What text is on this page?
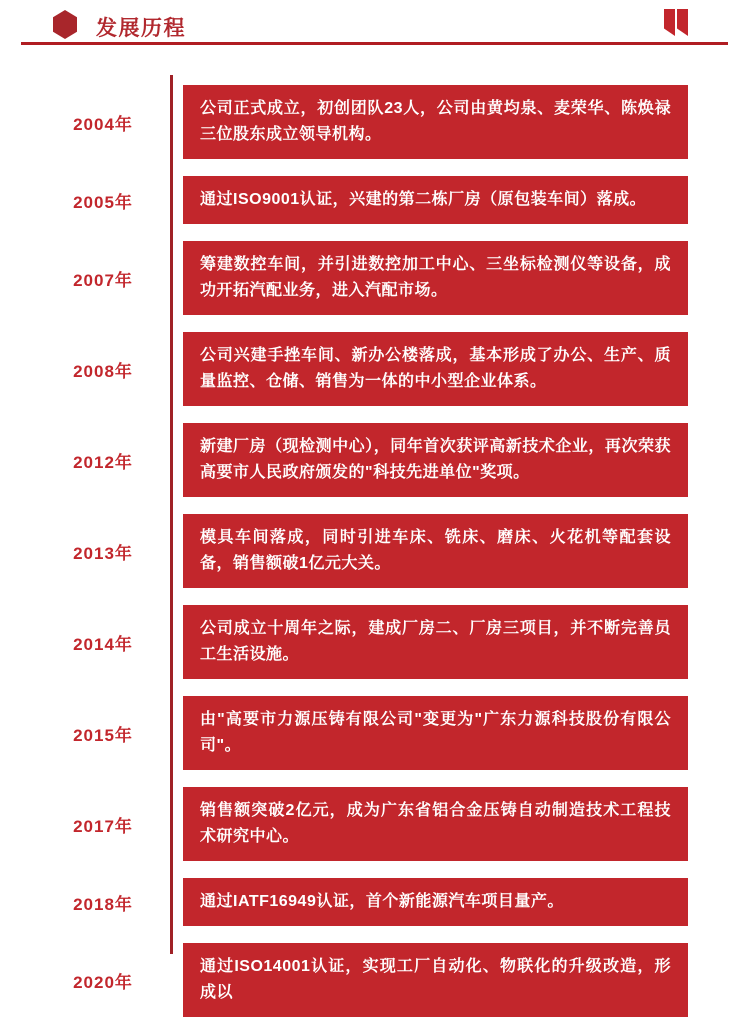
发展历程
2004年
公司正式成立，初创团队23人，公司由黄均泉、麦荣华、陈焕禄三位股东成立领导机构。
2005年	通过ISO9001认证，兴建的第二栋厂房（原包装车间）落成。
2007年
筹建数控车间，并引进数控加工中心、三坐标检测仪等设备，成功开拓汽配业务，进入汽配市场。
2008年
公司兴建手挫车间、新办公楼落成，基本形成了办公、生产、质量监控、仓储、销售为一体的中小型企业体系。
2012年
新建厂房（现检测中心），同年首次获评高新技术企业，再次荣获高要市人民政府颁发的"科技先进单位"奖项。
2013年
模具车间落成，同时引进车床、铣床、磨床、火花机等配套设备，销售额破1亿元大关。
2014年
公司成立十周年之际，建成厂房二、厂房三项目，并不断完善员工生活设施。
2015年
由"高要市力源压铸有限公司"变更为"广东力源科技股份有限公司"。
2017年
销售额突破2亿元，成为广东省铝合金压铸自动制造技术工程技术研究中心。
2018年	通过IATF16949认证，首个新能源汽车项目量产。
2020年
通过ISO14001认证，实现工厂自动化、物联化的升级改造，形成以
